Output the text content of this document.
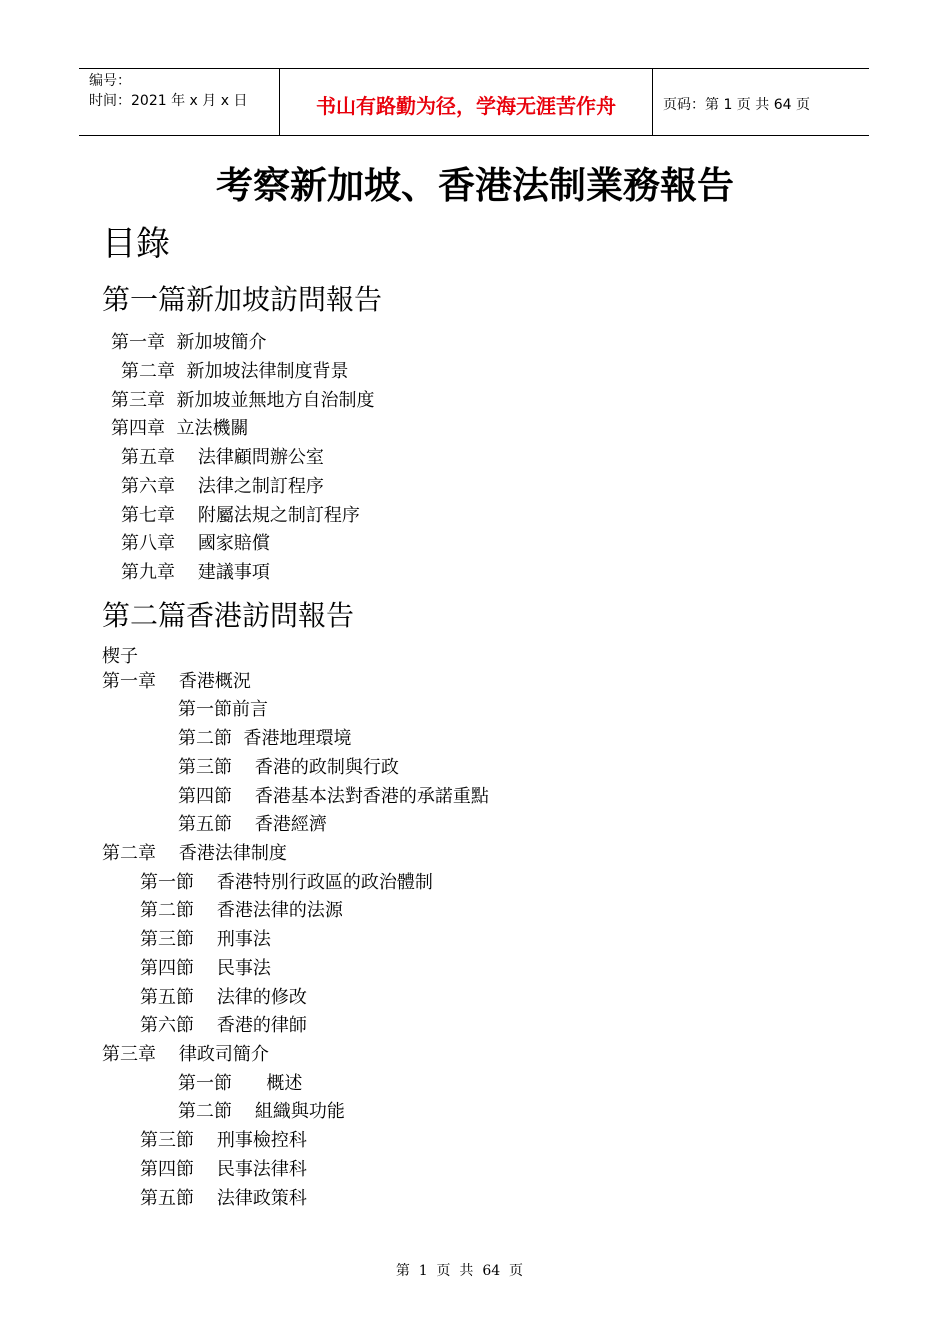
编号：
时间：2021 年 x 月 x 日	书山有路勤为径，学海无涯苦作舟	页码：第 1 页 共 64 页
考察新加坡、香港法制業務報告
目錄
第一篇新加坡訪問報告
第一章  新加坡簡介
第二章  新加坡法律制度背景
第三章  新加坡並無地方自治制度
第四章  立法機關
第五章    法律顧問辦公室
第六章    法律之制訂程序
第七章    附屬法規之制訂程序
第八章    國家賠償
第九章    建議事項
第二篇香港訪問報告
楔子
第一章    香港概況
第一節前言
第二節  香港地理環境
第三節    香港的政制與行政
第四節    香港基本法對香港的承諾重點
第五節    香港經濟
第二章    香港法律制度
第一節    香港特別行政區的政治體制
第二節    香港法律的法源
第三節    刑事法
第四節    民事法
第五節    法律的修改
第六節    香港的律師
第三章    律政司簡介
第一節      概述
第二節    組織與功能
第三節    刑事檢控科
第四節    民事法律科
第五節    法律政策科

第  1  页  共  64  页
